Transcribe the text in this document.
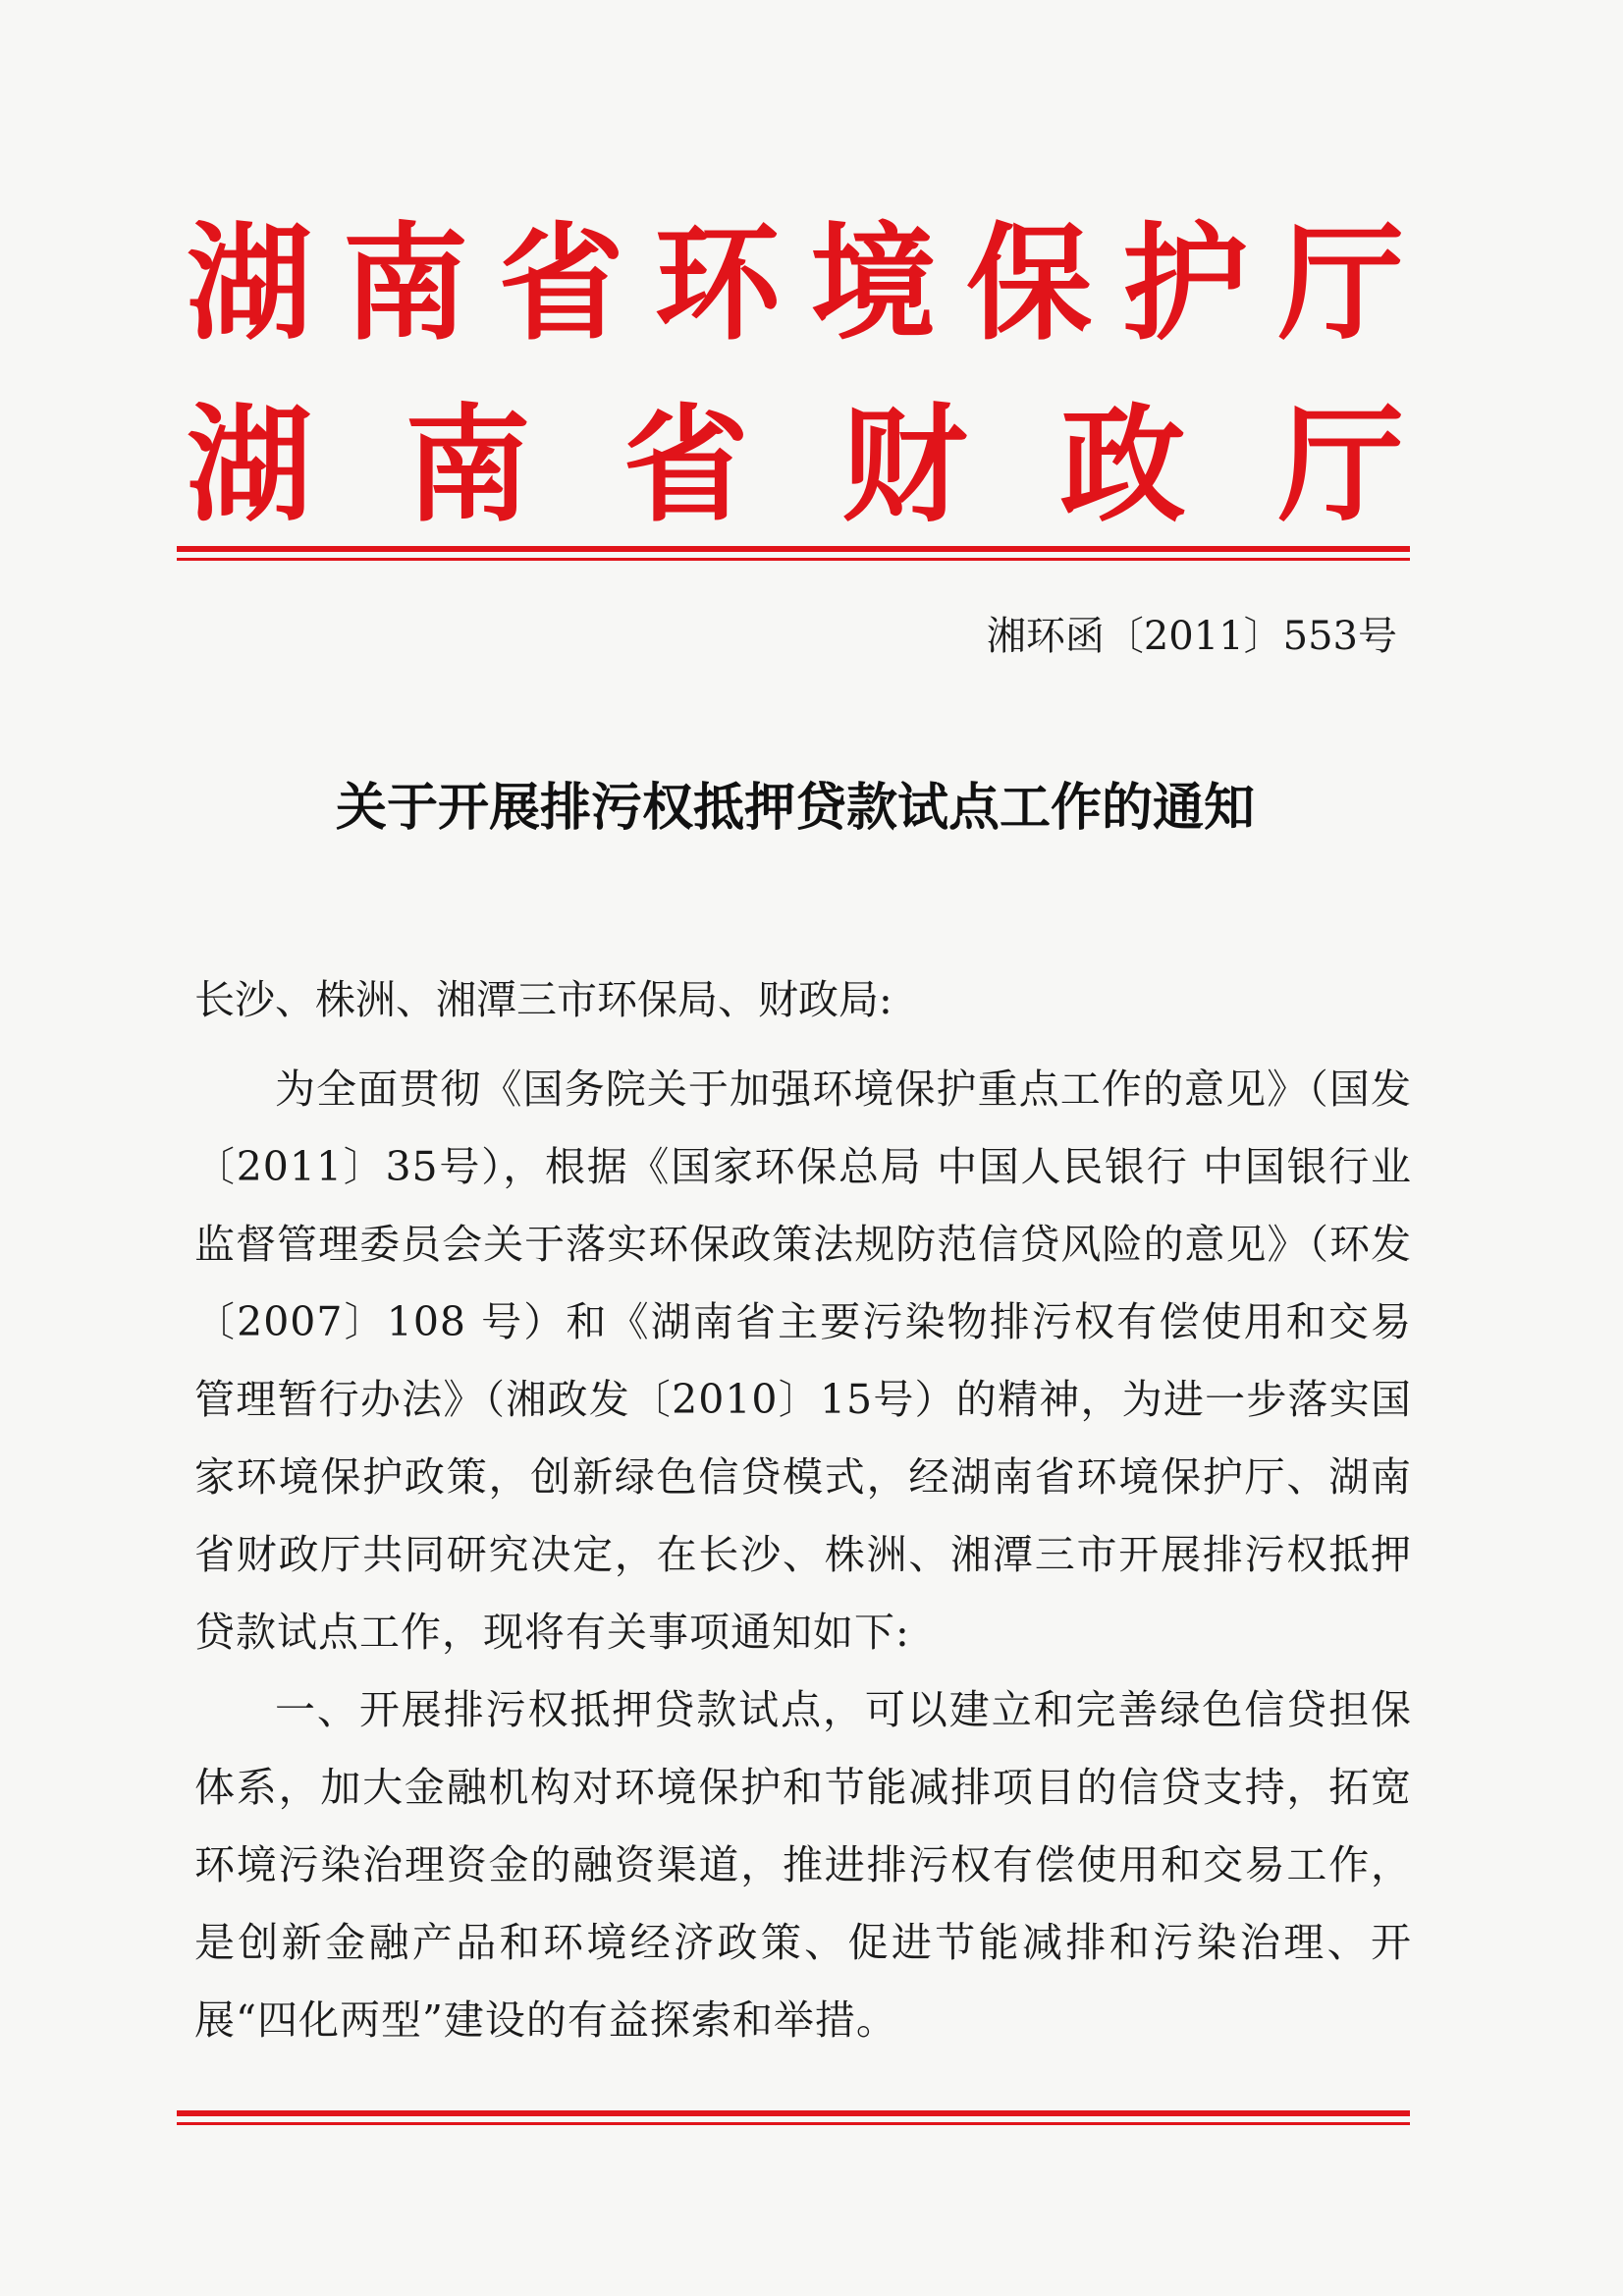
湖南省环境保护厅
湖南省财政厅
湘环函〔2011〕553号
关于开展排污权抵押贷款试点工作的通知
长沙、株洲、湘潭三市环保局、财政局:

为全面贯彻《国务院关于加强环境保护重点工作的意见》（国发〔2011〕35号），根据《国家环保总局 中国人民银行 中国银行业监督管理委员会关于落实环保政策法规防范信贷风险的意见》（环发〔2007〕108 号）和《湖南省主要污染物排污权有偿使用和交易管理暂行办法》（湘政发〔2010〕15号）的精神，为进一步落实国家环境保护政策，创新绿色信贷模式，经湖南省环境保护厅、湖南省财政厅共同研究决定，在长沙、株洲、湘潭三市开展排污权抵押贷款试点工作，现将有关事项通知如下:

一、开展排污权抵押贷款试点，可以建立和完善绿色信贷担保体系，加大金融机构对环境保护和节能减排项目的信贷支持，拓宽环境污染治理资金的融资渠道，推进排污权有偿使用和交易工作，是创新金融产品和环境经济政策、促进节能减排和污染治理、开展“四化两型”建设的有益探索和举措。
